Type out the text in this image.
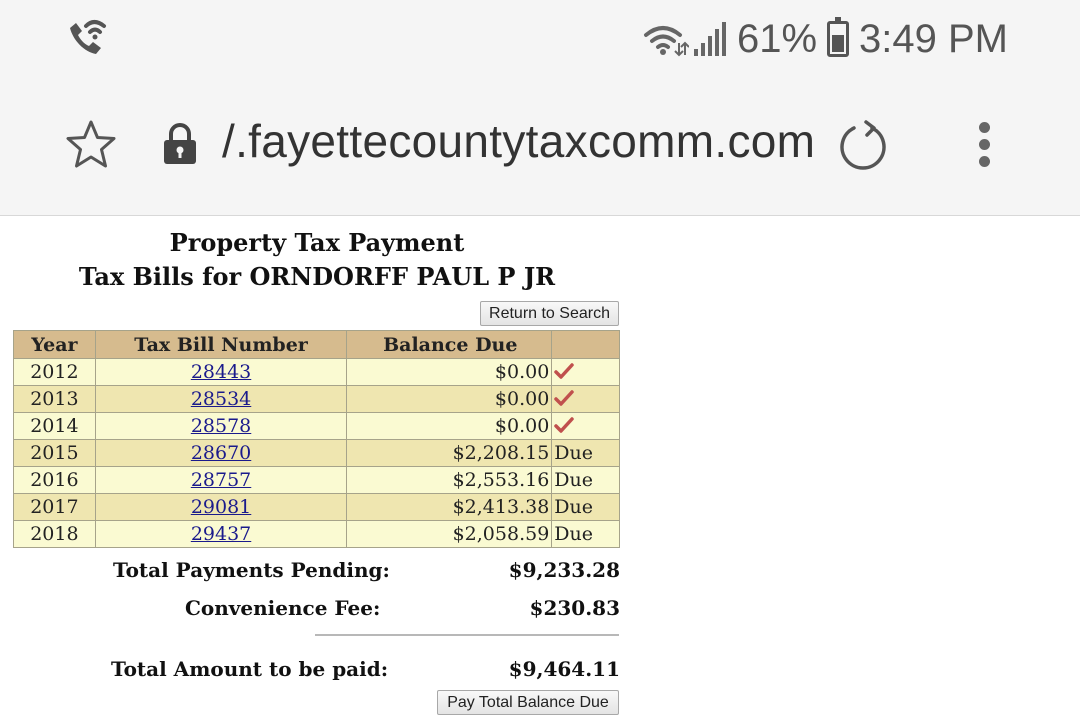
61% 3:49 PM
/.fayettecountytaxcomm.com
Property Tax Payment
Tax Bills for ORNDORFF PAUL P JR
Return to Search
Year	Tax Bill Number	Balance Due	
2012	28443	$0.00	
2013	28534	$0.00	
2014	28578	$0.00	
2015	28670	$2,208.15	Due
2016	28757	$2,553.16	Due
2017	29081	$2,413.38	Due
2018	29437	$2,058.59	Due
Total Payments Pending:	$9,233.28
Convenience Fee:	$230.83
Total Amount to be paid:	$9,464.11
Pay Total Balance Due
